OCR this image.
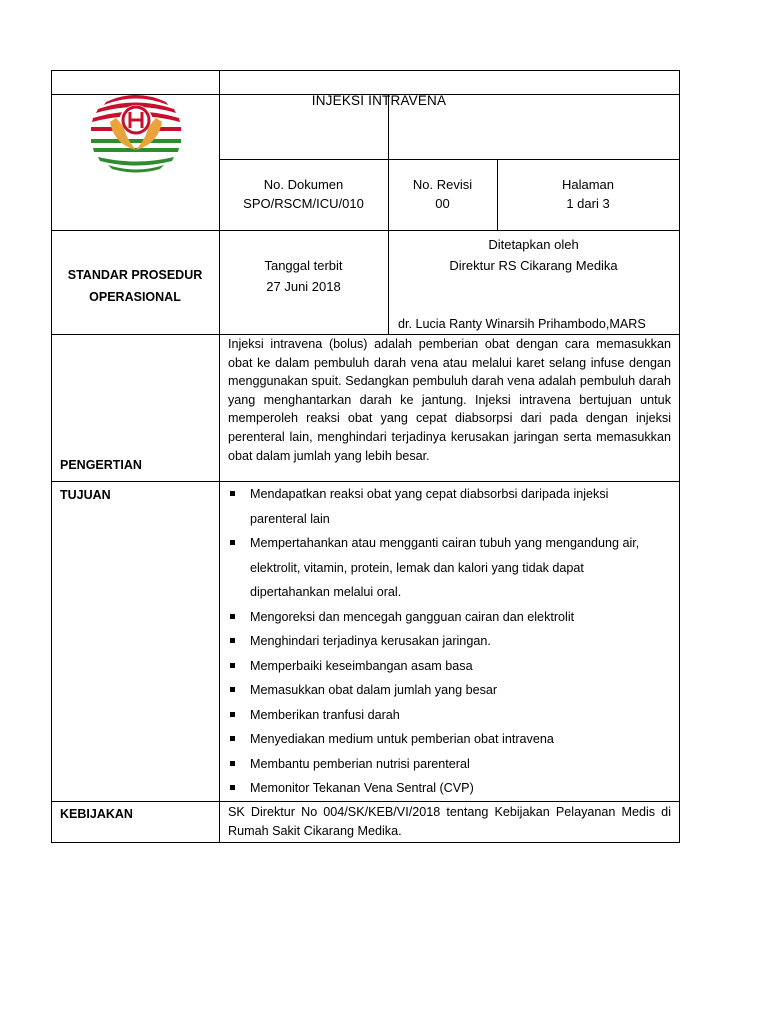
INJEKSI INTRAVENA
No. Dokumen
SPO/RSCM/ICU/010
No. Revisi
00
Halaman
1 dari 3
STANDAR PROSEDUR
OPERASIONAL
Tanggal terbit
27 Juni 2018
Ditetapkan oleh
Direktur RS Cikarang Medika
dr. Lucia Ranty Winarsih Prihambodo,MARS
PENGERTIAN
Injeksi intravena (bolus) adalah pemberian obat dengan cara memasukkan obat ke dalam pembuluh darah vena atau melalui karet selang infuse dengan menggunakan spuit. Sedangkan pembuluh darah vena adalah pembuluh darah yang menghantarkan darah ke jantung. Injeksi intravena bertujuan untuk memperoleh reaksi obat yang cepat diabsorpsi dari pada dengan injeksi perenteral lain, menghindari terjadinya kerusakan jaringan serta memasukkan obat dalam jumlah yang lebih besar.
TUJUAN	Mendapatkan reaksi obat yang cepat diabsorbsi daripada injeksi
parenteral lain
Mempertahankan atau mengganti cairan tubuh yang mengandung air,
elektrolit, vitamin, protein, lemak dan kalori yang tidak dapat
dipertahankan melalui oral.
Mengoreksi dan mencegah gangguan cairan dan elektrolit
Menghindari terjadinya kerusakan jaringan.
Memperbaiki keseimbangan asam basa
Memasukkan obat dalam jumlah yang besar
Memberikan tranfusi darah
Menyediakan medium untuk pemberian obat intravena
Membantu pemberian nutrisi parenteral
Memonitor Tekanan Vena Sentral (CVP)
KEBIJAKAN	SK Direktur No 004/SK/KEB/VI/2018 tentang Kebijakan Pelayanan Medis di Rumah Sakit Cikarang Medika.
